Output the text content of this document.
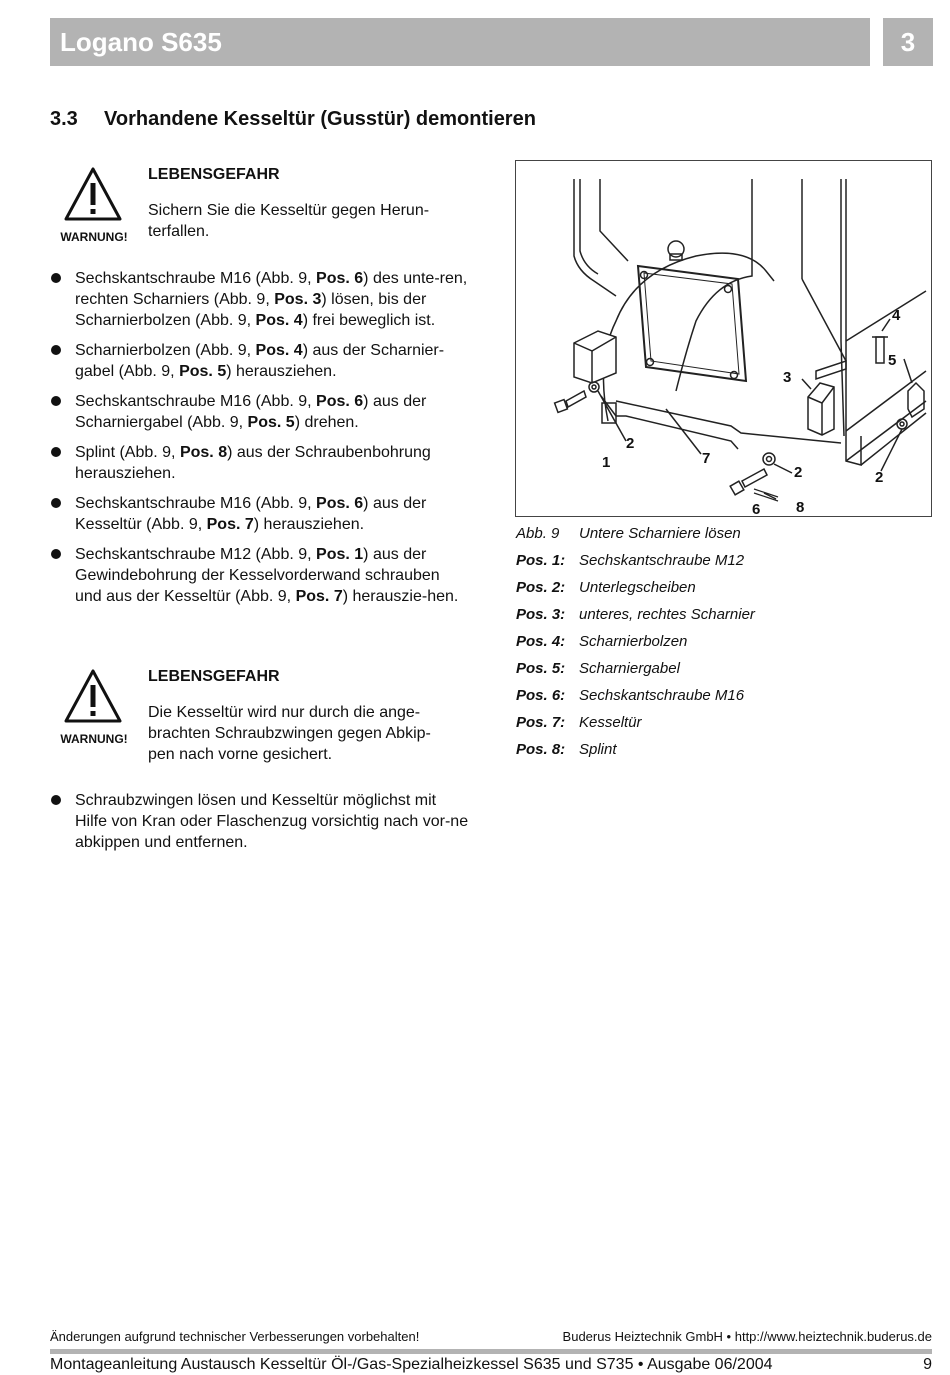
Logano S635	3
3.3 Vorhandene Kesseltür (Gusstür) demontieren
WARNUNG!
LEBENSGEFAHR
Sichern Sie die Kesseltür gegen Herun-terfallen.
Sechskantschraube M16 (Abb. 9, Pos. 6) des unte-ren, rechten Scharniers (Abb. 9, Pos. 3) lösen, bis der Scharnierbolzen (Abb. 9, Pos. 4) frei beweglich ist.
Scharnierbolzen (Abb. 9, Pos. 4) aus der Scharnier-gabel (Abb. 9, Pos. 5) herausziehen.
Sechskantschraube M16 (Abb. 9, Pos. 6) aus der Scharniergabel (Abb. 9, Pos. 5) drehen.
Splint (Abb. 9, Pos. 8) aus der Schraubenbohrung herausziehen.
Sechskantschraube M16 (Abb. 9, Pos. 6) aus der Kesseltür (Abb. 9, Pos. 7) herausziehen.
Sechskantschraube M12 (Abb. 9, Pos. 1) aus der Gewindebohrung der Kesselvorderwand schrauben und aus der Kesseltür (Abb. 9, Pos. 7) herauszie-hen.
WARNUNG!
LEBENSGEFAHR
Die Kesseltür wird nur durch die ange-brachten Schraubzwingen gegen Abkip-pen nach vorne gesichert.
Schraubzwingen lösen und Kesseltür möglichst mit Hilfe von Kran oder Flaschenzug vorsichtig nach vor-ne abkippen und entfernen.
1
2
7
3
4
5
2	2
6 8
Abb. 9 Untere Scharniere lösen
Pos. 1: Sechskantschraube M12
Pos. 2: Unterlegscheiben
Pos. 3: unteres, rechtes Scharnier
Pos. 4: Scharnierbolzen
Pos. 5: Scharniergabel
Pos. 6: Sechskantschraube M16
Pos. 7: Kesseltür
Pos. 8: Splint
Änderungen aufgrund technischer Verbesserungen vorbehalten!	Buderus Heiztechnik GmbH • http://www.heiztechnik.buderus.de
Montageanleitung Austausch Kesseltür Öl-/Gas-Spezialheizkessel S635 und S735 • Ausgabe 06/2004	9
